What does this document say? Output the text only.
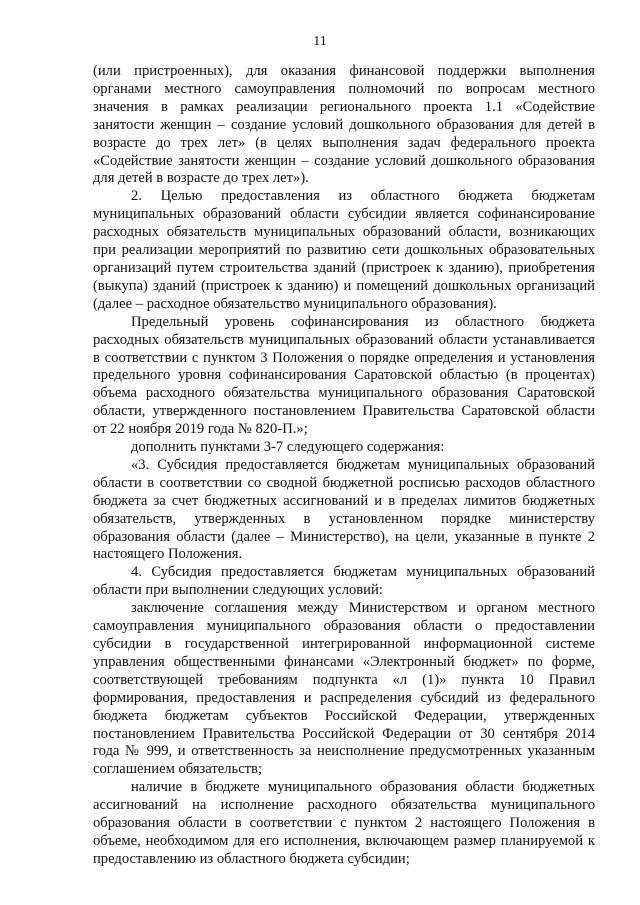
11

(или пристроенных), для оказания финансовой поддержки выполнения органами местного самоуправления полномочий по вопросам местного значения в рамках реализации регионального проекта 1.1 «Содействие занятости женщин – создание условий дошкольного образования для детей в возрасте до трех лет» (в целях выполнения задач федерального проекта «Содействие занятости женщин – создание условий дошкольного образования для детей в возрасте до трех лет»).

2. Целью предоставления из областного бюджета бюджетам муниципальных образований области субсидии является софинансирование расходных обязательств муниципальных образований области, возникающих при реализации мероприятий по развитию сети дошкольных образовательных организаций путем строительства зданий (пристроек к зданию), приобретения (выкупа) зданий (пристроек к зданию) и помещений дошкольных организаций (далее – расходное обязательство муниципального образования).

Предельный уровень софинансирования из областного бюджета расходных обязательств муниципальных образований области устанавливается в соответствии с пунктом 3 Положения о порядке определения и установления предельного уровня софинансирования Саратовской областью (в процентах) объема расходного обязательства муниципального образования Саратовской области, утвержденного постановлением Правительства Саратовской области от 22 ноября 2019 года № 820-П.»;

дополнить пунктами 3-7 следующего содержания:

«3. Субсидия предоставляется бюджетам муниципальных образований области в соответствии со сводной бюджетной росписью расходов областного бюджета за счет бюджетных ассигнований и в пределах лимитов бюджетных обязательств, утвержденных в установленном порядке министерству образования области (далее – Министерство), на цели, указанные в пункте 2 настоящего Положения.

4. Субсидия предоставляется бюджетам муниципальных образований области при выполнении следующих условий:

заключение соглашения между Министерством и органом местного самоуправления муниципального образования области о предоставлении субсидии в государственной интегрированной информационной системе управления общественными финансами «Электронный бюджет» по форме, соответствующей требованиям подпункта «л (1)» пункта 10 Правил формирования, предоставления и распределения субсидий из федерального бюджета бюджетам субъектов Российской Федерации, утвержденных постановлением Правительства Российской Федерации от 30 сентября 2014 года № 999, и ответственность за неисполнение предусмотренных указанным соглашением обязательств;

наличие в бюджете муниципального образования области бюджетных ассигнований на исполнение расходного обязательства муниципального образования области в соответствии с пунктом 2 настоящего Положения в объеме, необходимом для его исполнения, включающем размер планируемой к предоставлению из областного бюджета субсидии;
